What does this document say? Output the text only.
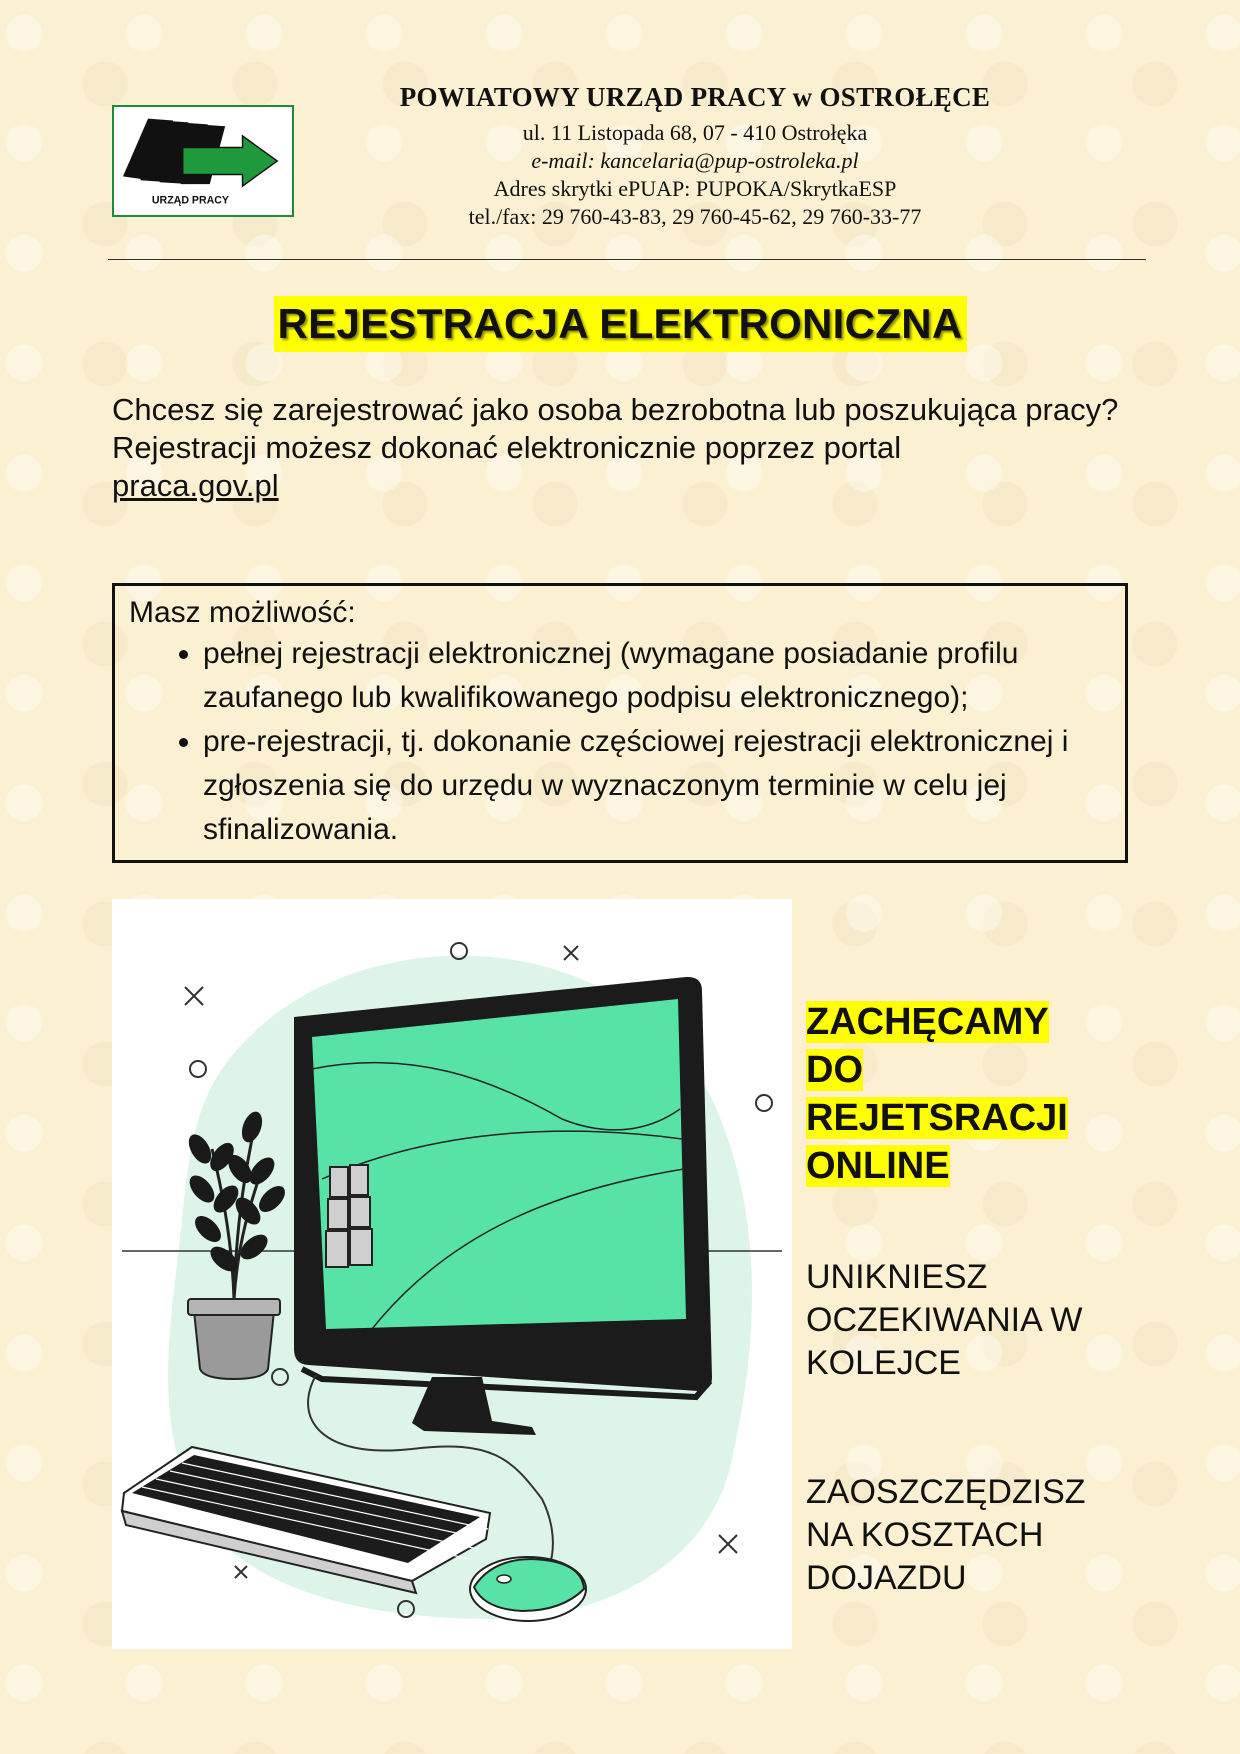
URZĄD PRACY
POWIATOWY URZĄD PRACY w OSTROŁĘCE
ul. 11 Listopada 68, 07 - 410 Ostrołęka
e-mail: kancelaria@pup-ostroleka.pl
Adres skrytki ePUAP: PUPOKA/SkrytkaESP
tel./fax: 29 760-43-83, 29 760-45-62, 29 760-33-77
REJESTRACJA ELEKTRONICZNA
Chcesz się zarejestrować jako osoba bezrobotna lub poszukująca pracy?
Rejestracji możesz dokonać elektronicznie poprzez portal
praca.gov.pl
Masz możliwość:
• pełnej rejestracji elektronicznej (wymagane posiadanie profilu zaufanego lub kwalifikowanego podpisu elektronicznego);
• pre-rejestracji, tj. dokonanie częściowej rejestracji elektronicznej i zgłoszenia się do urzędu w wyznaczonym terminie w celu jej sfinalizowania.
ZACHĘCAMY DO REJETSRACJI ONLINE
UNIKNIESZ OCZEKIWANIA W KOLEJCE
ZAOSZCZĘDZISZ NA KOSZTACH DOJAZDU
